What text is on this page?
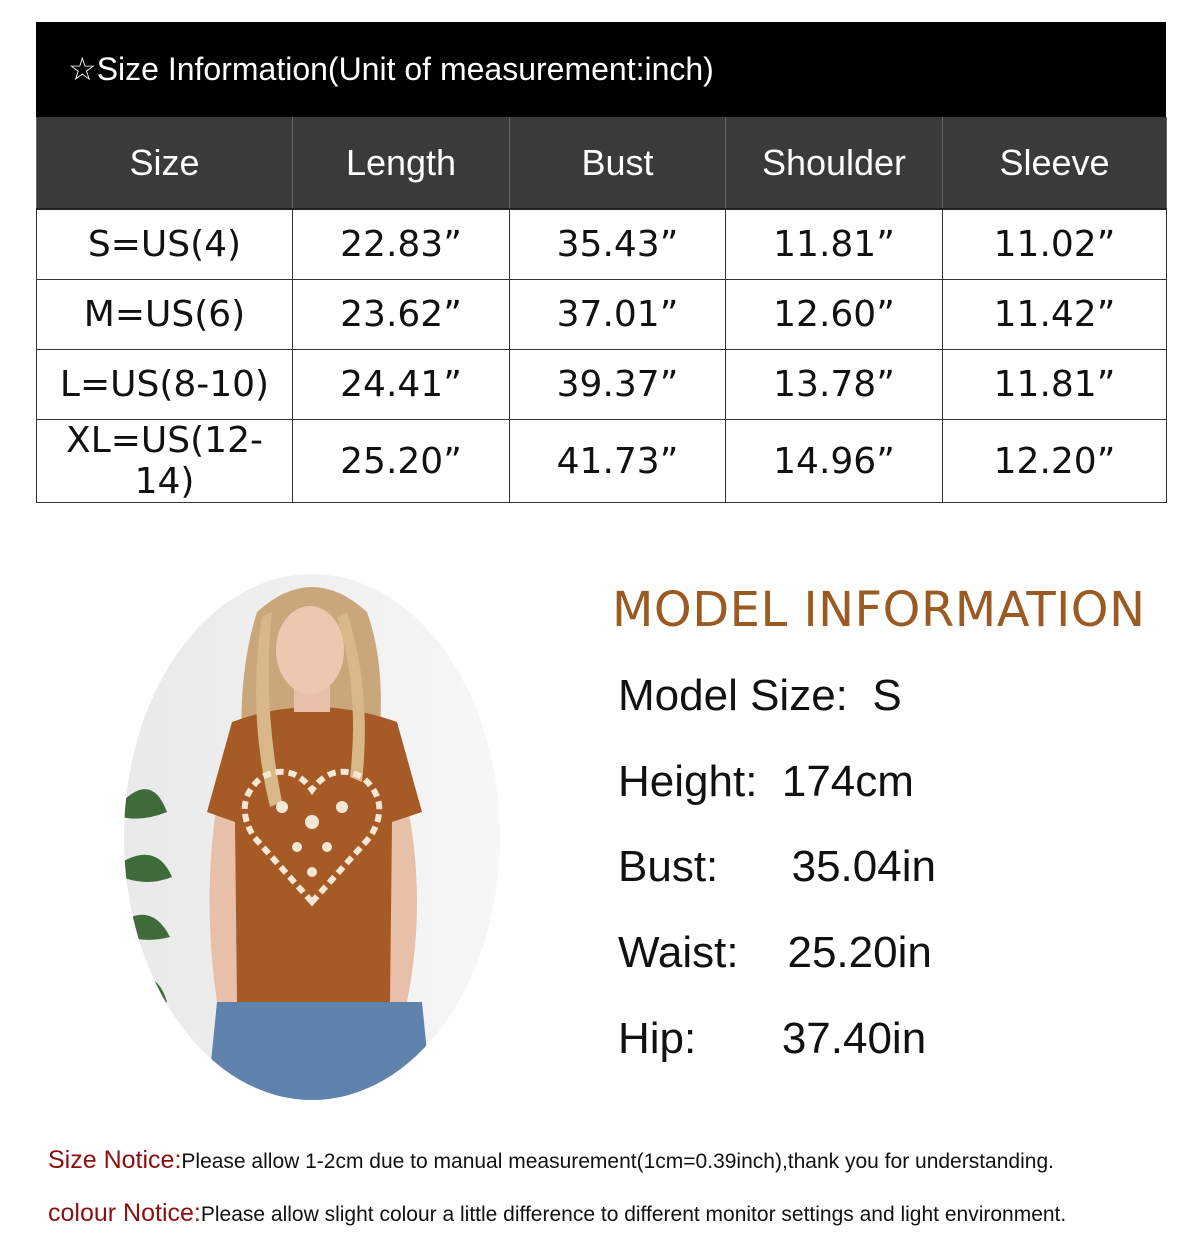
☆Size Information(Unit of measurement:inch)
Size	Length	Bust	Shoulder	Sleeve
S=US(4)	22.83”	35.43”	11.81”	11.02”
M=US(6)	23.62”	37.01”	12.60”	11.42”
L=US(8-10)	24.41”	39.37”	13.78”	11.81”
XL=US(12-14)	25.20”	41.73”	14.96”	12.20”
MODEL INFORMATION
Model Size:  S
Height:  174cm
Bust:      35.04in
Waist:    25.20in
Hip:       37.40in
Size Notice:Please allow 1-2cm due to manual measurement(1cm=0.39inch),thank you for understanding.
colour Notice:Please allow slight colour a little difference to different monitor settings and light environment.
